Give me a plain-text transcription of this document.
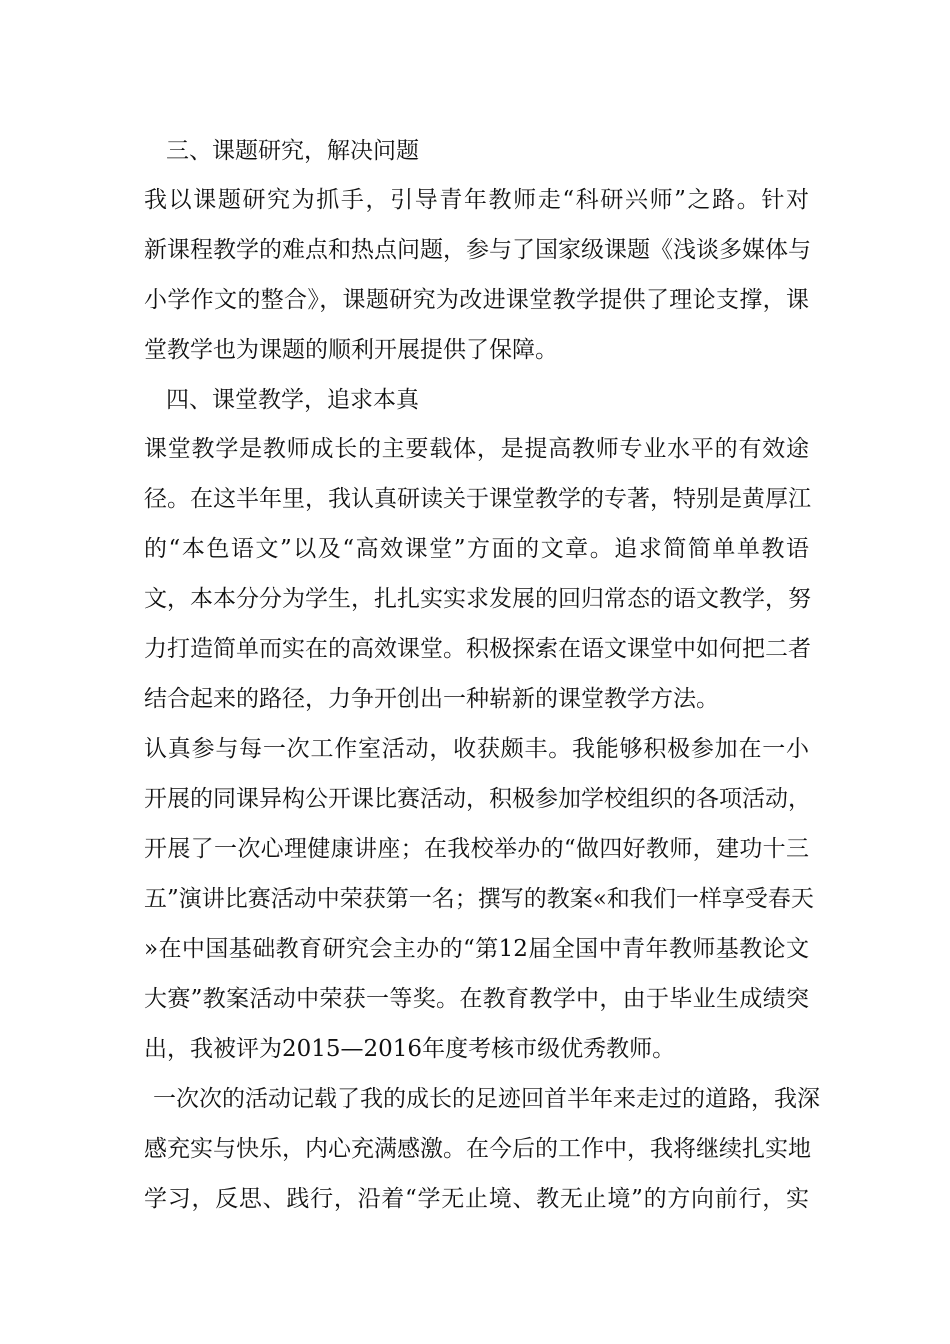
三、课题研究，解决问题
我以课题研究为抓手，引导青年教师走“科研兴师”之路。针对
新课程教学的难点和热点问题，参与了国家级课题《浅谈多媒体与
小学作文的整合》，课题研究为改进课堂教学提供了理论支撑，课
堂教学也为课题的顺利开展提供了保障。
四、课堂教学，追求本真
课堂教学是教师成长的主要载体，是提高教师专业水平的有效途
径。在这半年里，我认真研读关于课堂教学的专著，特别是黄厚江
的“本色语文”以及“高效课堂”方面的文章。追求简简单单教语
文，本本分分为学生，扎扎实实求发展的回归常态的语文教学，努
力打造简单而实在的高效课堂。积极探索在语文课堂中如何把二者
结合起来的路径，力争开创出一种崭新的课堂教学方法。
认真参与每一次工作室活动，收获颇丰。我能够积极参加在一小
开展的同课异构公开课比赛活动，积极参加学校组织的各项活动，
开展了一次心理健康讲座；在我校举办的“做四好教师，建功十三
五”演讲比赛活动中荣获第一名；撰写的教案«和我们一样享受春天
»在中国基础教育研究会主办的“第12届全国中青年教师基教论文
大赛”教案活动中荣获一等奖。在教育教学中，由于毕业生成绩突
出，我被评为2015—2016年度考核市级优秀教师。
一次次的活动记载了我的成长的足迹回首半年来走过的道路，我深
感充实与快乐，内心充满感激。在今后的工作中，我将继续扎实地
学习，反思、践行，沿着“学无止境、教无止境”的方向前行，实
